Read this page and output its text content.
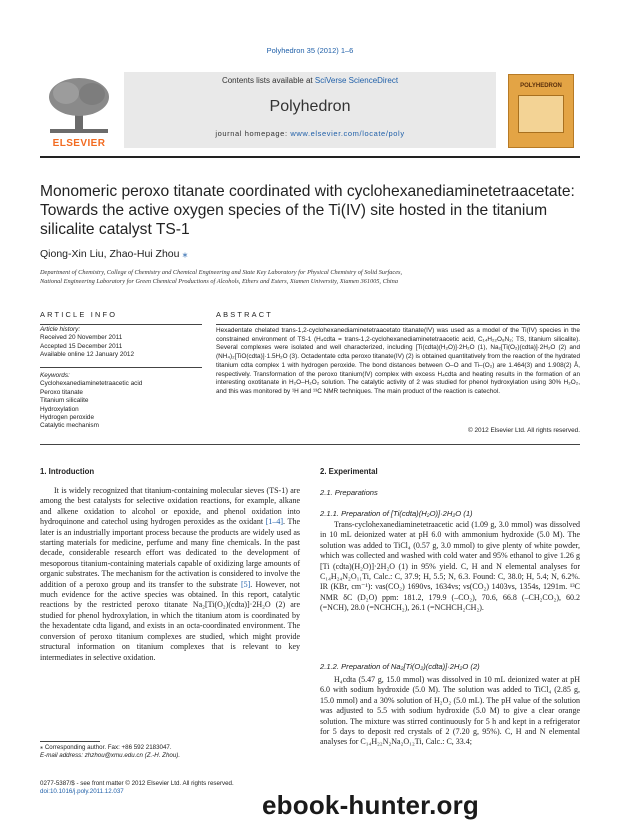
Polyhedron 35 (2012) 1–6
ELSEVIER
Contents lists available at SciVerse ScienceDirect
Polyhedron
journal homepage: www.elsevier.com/locate/poly
POLYHEDRON
Monomeric peroxo titanate coordinated with cyclohexanediaminetetraacetate: Towards the active oxygen species of the Ti(IV) site hosted in the titanium silicalite catalyst TS-1
Qiong-Xin Liu, Zhao-Hui Zhou ⁎
Department of Chemistry, College of Chemistry and Chemical Engineering and State Key Laboratory for Physical Chemistry of Solid Surfaces,
National Engineering Laboratory for Green Chemical Productions of Alcohols, Ethers and Esters, Xiamen University, Xiamen 361005, China
ARTICLE INFO	ABSTRACT
Article history:
Received 20 November 2011
Accepted 15 December 2011
Available online 12 January 2012
Keywords:
Cyclohexanediaminetetraacetic acid
Peroxo titanate
Titanium silicalite
Hydroxylation
Hydrogen peroxide
Catalytic mechanism
Hexadentate chelated trans-1,2-cyclohexanediaminetetraacetato titanate(IV) was used as a model of the Ti(IV) species in the constrained environment of TS-1 (H₄cdta = trans-1,2-cyclohexanediaminetetraacetic acid, C₁₄H₂₂O₈N₂; TS, titanium silicalite). Several complexes were isolated and well characterized, including [Ti(cdta)(H₂O)]·2H₂O (1), Na₂[Ti(O₂)(cdta)]·2H₂O (2) and (NH₄)₂[TiO(cdta)]·1.5H₂O (3). Octadentate cdta peroxo titanate(IV) (2) is obtained quantitatively from the reaction of the hydrated titanium cdta complex 1 with hydrogen peroxide. The bond distances between O–O and Ti–(O₂) are 1.464(3) and 1.908(2) Å, respectively. Transformation of the peroxo titanium(IV) complex with excess H₄cdta and heating results in the formation of an interesting oxotitanate in H₂O–H₂O₂ solution. The catalytic activity of 2 was studied for phenol hydroxylation using 30% H₂O₂, and this was monitored by ¹H and ¹³C NMR techniques. The main product of the reaction is catechol.
© 2012 Elsevier Ltd. All rights reserved.
1. Introduction

It is widely recognized that titanium-containing molecular sieves (TS-1) are among the best catalysts for selective oxidation reactions, for example, alkane and alkene oxidation to alcohol or epoxide, and phenol oxidation into hydroquinone and catechol using hydrogen peroxides as the oxidant [1–4]. The later is an industrially important process because the products are widely used as starting materials for medicine, perfume and many fine chemicals. In the past decade, considerable research effort was dedicated to the development of mesoporous titanium-containing materials capable of oxidizing large amounts of organic substrates. The mechanism for the activation is considered to involve the addition of a peroxo group and its transfer to the substrate [5]. However, not much evidence for the active species was obtained. In this report, catalytic reactions by the restricted peroxo titanate Na₂[Ti(O₂)(cdta)]·2H₂O (2) are studied for phenol hydroxylation, in which the titanium atom is coordinated by the hexadentate cdta ligand, and exists in an octa-coordinated environment. The conversion of peroxo titanium complexes are studied, which might provide structural information on titanium complexes that is relevant to key intermediates in selective oxidation.

2. Experimental
2.1. Preparations
2.1.1. Preparation of [Ti(cdta)(H₂O)]·2H₂O (1)

Trans-cyclohexanediaminetetraacetic acid (1.09 g, 3.0 mmol) was dissolved in 10 mL deionized water at pH 6.0 with ammonium hydroxide (5.0 M). The solution was added to TiCl₄ (0.57 g, 3.0 mmol) to give plenty of white powder, which was collected and washed with cold water and 95% ethanol to give 1.26 g [Ti (cdta)(H₂O)]·2H₂O (1) in 95% yield. C, H and N elemental analyses for C₁₄H₂₄N₂O₁₁Ti, Calc.: C, 37.9; H, 5.5; N, 6.3. Found: C, 38.0; H, 5.4; N, 6.2%. IR (KBr, cm⁻¹): νas(CO₂) 1690vs, 1634vs; νs(CO₂) 1403vs, 1354s, 1291m. ¹³C NMR δC (D₂O) ppm: 181.2, 179.9 (–CO₂), 70.6, 66.8 (–CH₂CO₂), 60.2 (=NCH), 28.0 (=NCHCH₂), 26.1 (=NCHCH₂CH₂).

2.1.2. Preparation of Na₂[Ti(O₂)(cdta)]·2H₂O (2)

H₄cdta (5.47 g, 15.0 mmol) was dissolved in 10 mL deionized water at pH 6.0 with sodium hydroxide (5.0 M). The solution was added to TiCl₄ (2.85 g, 15.0 mmol) and a 30% solution of H₂O₂ (5.0 mL). The pH value of the solution was adjusted to 5.5 with sodium hydroxide (5.0 M) to give a clear orange solution. The mixture was stirred continuously for 5 h and kept in a refrigerator for 5 days to deposit red crystals of 2 (7.20 g, 95%). C, H and N elemental analyses for C₁₄H₂₂N₂Na₂O₁₂Ti, Calc.: C, 33.4;

⁎ Corresponding author. Fax: +86 592 2183047.
E-mail address: zhzhou@xmu.edu.cn (Z.-H. Zhou).
0277-5387/$ - see front matter © 2012 Elsevier Ltd. All rights reserved.
doi:10.1016/j.poly.2011.12.037	ebook-hunter.org
